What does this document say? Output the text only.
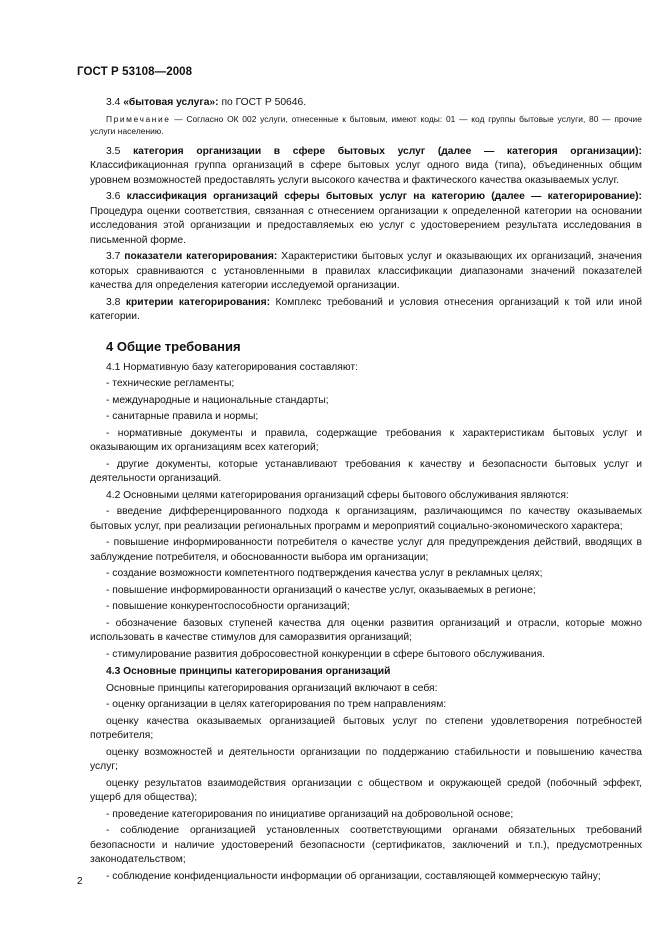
ГОСТ Р 53108—2008

3.4 «бытовая услуга»: по ГОСТ Р 50646.

Примечание — Согласно ОК 002 услуги, отнесенные к бытовым, имеют коды: 01 — код группы бытовые услуги, 80 — прочие услуги населению.

3.5 категория организации в сфере бытовых услуг (далее — категория организации): Классификационная группа организаций в сфере бытовых услуг одного вида (типа), объединенных общим уровнем возможностей предоставлять услуги высокого качества и фактического качества оказываемых услуг.

3.6 классификация организаций сферы бытовых услуг на категорию (далее — категорирование): Процедура оценки соответствия, связанная с отнесением организации к определенной категории на основании исследования этой организации и предоставляемых ею услуг с удостоверением результата исследования в письменной форме.

3.7 показатели категорирования: Характеристики бытовых услуг и оказывающих их организаций, значения которых сравниваются с установленными в правилах классификации диапазонами значений показателей качества для определения категории исследуемой организации.

3.8 критерии категорирования: Комплекс требований и условия отнесения организаций к той или иной категории.

4 Общие требования

4.1 Нормативную базу категорирования составляют:

- технические регламенты;

- международные и национальные стандарты;

- санитарные правила и нормы;

- нормативные документы и правила, содержащие требования к характеристикам бытовых услуг и оказывающим их организациям всех категорий;

- другие документы, которые устанавливают требования к качеству и безопасности бытовых услуг и деятельности организаций.

4.2 Основными целями категорирования организаций сферы бытового обслуживания являются:

- введение дифференцированного подхода к организациям, различающимся по качеству оказываемых бытовых услуг, при реализации региональных программ и мероприятий социально-экономического характера;

- повышение информированности потребителя о качестве услуг для предупреждения действий, вводящих в заблуждение потребителя, и обоснованности выбора им организации;

- создание возможности компетентного подтверждения качества услуг в рекламных целях;

- повышение информированности организаций о качестве услуг, оказываемых в регионе;

- повышение конкурентоспособности организаций;

- обозначение базовых ступеней качества для оценки развития организаций и отрасли, которые можно использовать в качестве стимулов для саморазвития организаций;

- стимулирование развития добросовестной конкуренции в сфере бытового обслуживания.

4.3 Основные принципы категорирования организаций

Основные принципы категорирования организаций включают в себя:

- оценку организации в целях категорирования по трем направлениям:

оценку качества оказываемых организацией бытовых услуг по степени удовлетворения потребностей потребителя;

оценку возможностей и деятельности организации по поддержанию стабильности и повышению качества услуг;

оценку результатов взаимодействия организации с обществом и окружающей средой (побочный эффект, ущерб для общества);

- проведение категорирования по инициативе организаций на добровольной основе;

- соблюдение организацией установленных соответствующими органами обязательных требований безопасности и наличие удостоверений безопасности (сертификатов, заключений и т.п.), предусмотренных законодательством;

- соблюдение конфиденциальности информации об организации, составляющей коммерческую тайну;

2
